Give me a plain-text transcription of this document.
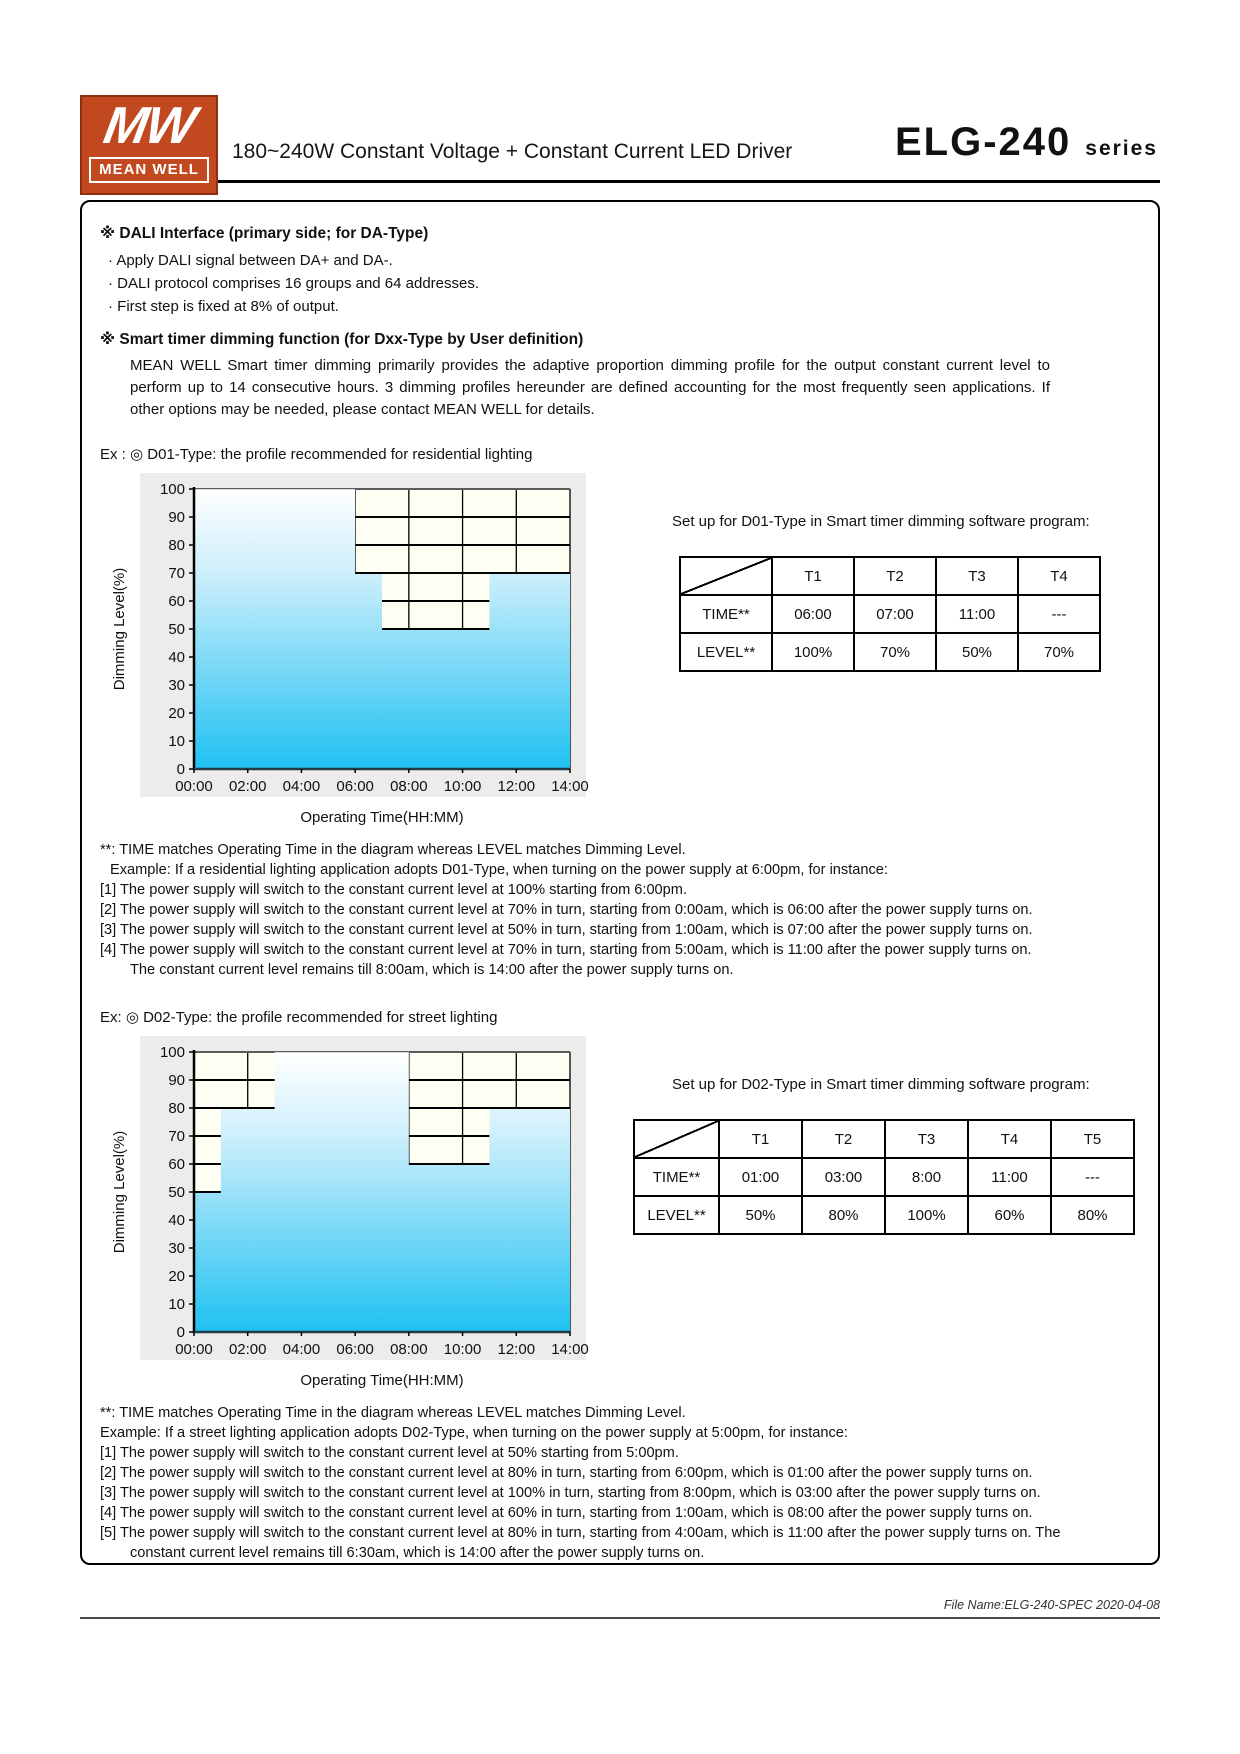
MW
MEAN WELL
180~240W Constant Voltage + Constant Current LED Driver	ELG-240 series
※ DALI Interface (primary side; for DA-Type)
· Apply DALI signal between DA+ and DA-.
· DALI protocol comprises 16 groups and 64 addresses.
· First step is fixed at 8% of output.
※ Smart timer dimming function (for Dxx-Type by User definition)
MEAN WELL Smart timer dimming primarily provides the adaptive proportion dimming profile for the output constant current level to perform up to 14 consecutive hours. 3 dimming profiles hereunder are defined accounting for the most frequently seen applications. If other options may be needed, please contact MEAN WELL for details.
Ex : ◎ D01-Type: the profile recommended for residential lighting
0
10
20
30
40
50
60
70
80
90
100
00:00 02:00 04:00 06:00 08:00 10:00 12:00 14:00
Dimming Level(%)
Operating Time(HH:MM)
Set up for D01-Type in Smart timer dimming software program:
	T1	T2	T3	T4
TIME**	06:00	07:00	11:00	---
LEVEL**	100%	70%	50%	70%
**: TIME matches Operating Time in the diagram whereas LEVEL matches Dimming Level.
Example: If a residential lighting application adopts D01-Type, when turning on the power supply at 6:00pm, for instance:
[1] The power supply will switch to the constant current level at 100% starting from 6:00pm.
[2] The power supply will switch to the constant current level at 70% in turn, starting from 0:00am, which is 06:00 after the power supply turns on.
[3] The power supply will switch to the constant current level at 50% in turn, starting from 1:00am, which is 07:00 after the power supply turns on.
[4] The power supply will switch to the constant current level at 70% in turn, starting from 5:00am, which is 11:00 after the power supply turns on.
The constant current level remains till 8:00am, which is 14:00 after the power supply turns on.
Ex: ◎ D02-Type: the profile recommended for street lighting
0
10
20
30
40
50
60
70
80
90
100
00:00 02:00 04:00 06:00 08:00 10:00 12:00 14:00
Dimming Level(%)
Operating Time(HH:MM)
Set up for D02-Type in Smart timer dimming software program:
	T1	T2	T3	T4	T5
TIME**	01:00	03:00	8:00	11:00	---
LEVEL**	50%	80%	100%	60%	80%
**: TIME matches Operating Time in the diagram whereas LEVEL matches Dimming Level.
Example: If a street lighting application adopts D02-Type, when turning on the power supply at 5:00pm, for instance:
[1] The power supply will switch to the constant current level at 50% starting from 5:00pm.
[2] The power supply will switch to the constant current level at 80% in turn, starting from 6:00pm, which is 01:00 after the power supply turns on.
[3] The power supply will switch to the constant current level at 100% in turn, starting from 8:00pm, which is 03:00 after the power supply turns on.
[4] The power supply will switch to the constant current level at 60% in turn, starting from 1:00am, which is 08:00 after the power supply turns on.
[5] The power supply will switch to the constant current level at 80% in turn, starting from 4:00am, which is 11:00 after the power supply turns on. The
constant current level remains till 6:30am, which is 14:00 after the power supply turns on.
File Name:ELG-240-SPEC 2020-04-08
